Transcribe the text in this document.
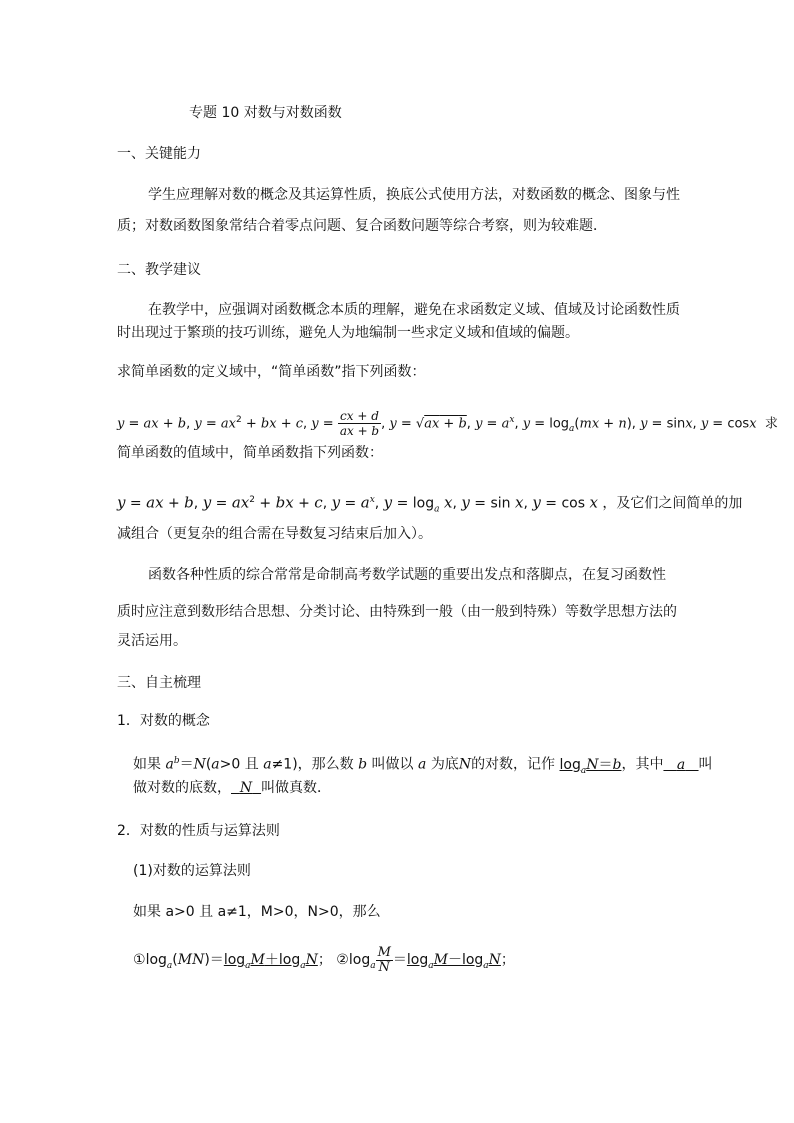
专题 10 对数与对数函数
一、关键能力
学生应理解对数的概念及其运算性质，换底公式使用方法，对数函数的概念、图象与性
质；对数函数图象常结合着零点问题、复合函数问题等综合考察，则为较难题．
二、教学建议
在教学中，应强调对函数概念本质的理解，避免在求函数定义域、值域及讨论函数性质
时出现过于繁琐的技巧训练，避免人为地编制一些求定义域和值域的偏题。
求简单函数的定义域中，“简单函数”指下列函数：
y = ax + b, $y = ax^2$ + bx + c, $y = \frac{cx + d}{ax + b}$ , y = √ax + b, $y = a^x$, $y = \log_a(mx + n)$, y = sinx, y = cosx 求
简单函数的值域中，简单函数指下列函数：
y = ax + b, $y = ax^2$ + bx + c, $y = a^x$, $y = \log_a x$, y = sin x, y = cos x ，及它们之间简单的加
减组合（更复杂的组合需在导数复习结束后加入）。
函数各种性质的综合常常是命制高考数学试题的重要出发点和落脚点，在复习函数性
质时应注意到数形结合思想、分类讨论、由特殊到一般（由一般到特殊）等数学思想方法的
灵活运用。
三、自主梳理
1．对数的概念
如果 $a^b=N(a>0$ 且 a≠1)，那么数 b 叫做以 a 为底N的对数，记作 $\log_aN=b$，其中 a 叫
做对数的底数， N 叫做真数．
2．对数的性质与运算法则
(1)对数的运算法则
如果 a>0 且 a≠1，M>0，N>0，那么
$①\log_a(MN)=\log_aM+\log_aN$； $②\log_a \frac{M}{N} =\log_aM-\log_aN$；
